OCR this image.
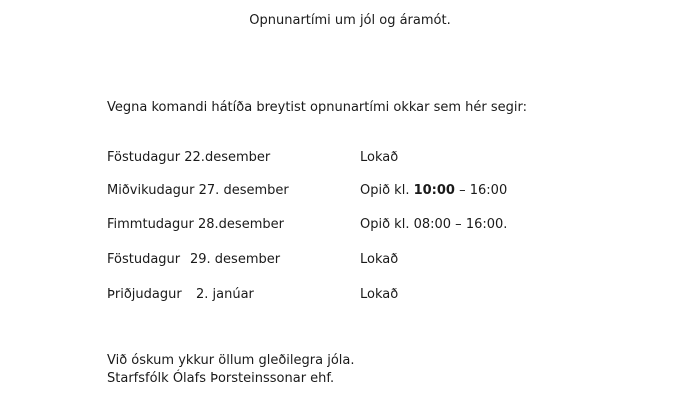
Opnunartími um jól og áramót.
Vegna komandi hátíða breytist opnunartími okkar sem hér segir:
Föstudagur 22.desember	Lokað
Miðvikudagur 27. desember	Opið kl. 10:00 – 16:00
Fimmtudagur 28.desember	Opið kl. 08:00 – 16:00.
Föstudagur 29. desember	Lokað
Þriðjudagur 2. janúar	Lokað
Við óskum ykkur öllum gleðilegra jóla.
Starfsfólk Ólafs Þorsteinssonar ehf.
